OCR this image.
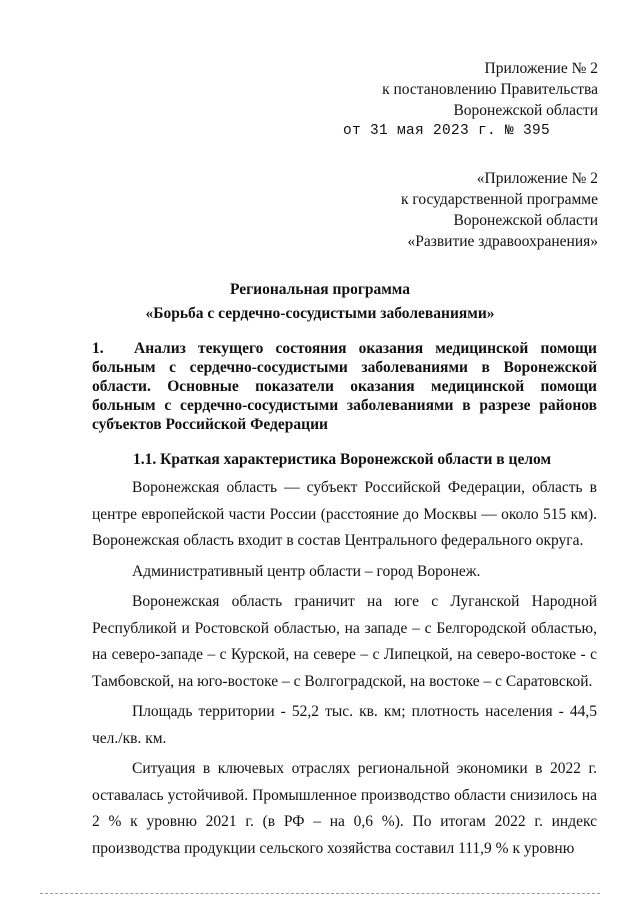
Приложение № 2
к постановлению Правительства
Воронежской области
от 31 мая 2023 г. № 395
«Приложение № 2
к государственной программе
Воронежской области
«Развитие здравоохранения»
Региональная программа
«Борьба с сердечно-сосудистыми заболеваниями»
1. Анализ текущего состояния оказания медицинской помощи больным с сердечно-сосудистыми заболеваниями в Воронежской области. Основные показатели оказания медицинской помощи больным с сердечно-сосудистыми заболеваниями в разрезе районов субъектов Российской Федерации
1.1. Краткая характеристика Воронежской области в целом

Воронежская область — субъект Российской Федерации, область в центре европейской части России (расстояние до Москвы — около 515 км). Воронежская область входит в состав Центрального федерального округа.

Административный центр области – город Воронеж.

Воронежская область граничит на юге с Луганской Народной Республикой и Ростовской областью, на западе – с Белгородской областью, на северо-западе – с Курской, на севере – с Липецкой, на северо-востоке - с Тамбовской, на юго-востоке – с Волгоградской, на востоке – с Саратовской.

Площадь территории - 52,2 тыс. кв. км; плотность населения - 44,5 чел./кв. км.

Ситуация в ключевых отраслях региональной экономики в 2022 г. оставалась устойчивой. Промышленное производство области снизилось на 2 % к уровню 2021 г. (в РФ – на 0,6 %). По итогам 2022 г. индекс производства продукции сельского хозяйства составил 111,9 % к уровню
